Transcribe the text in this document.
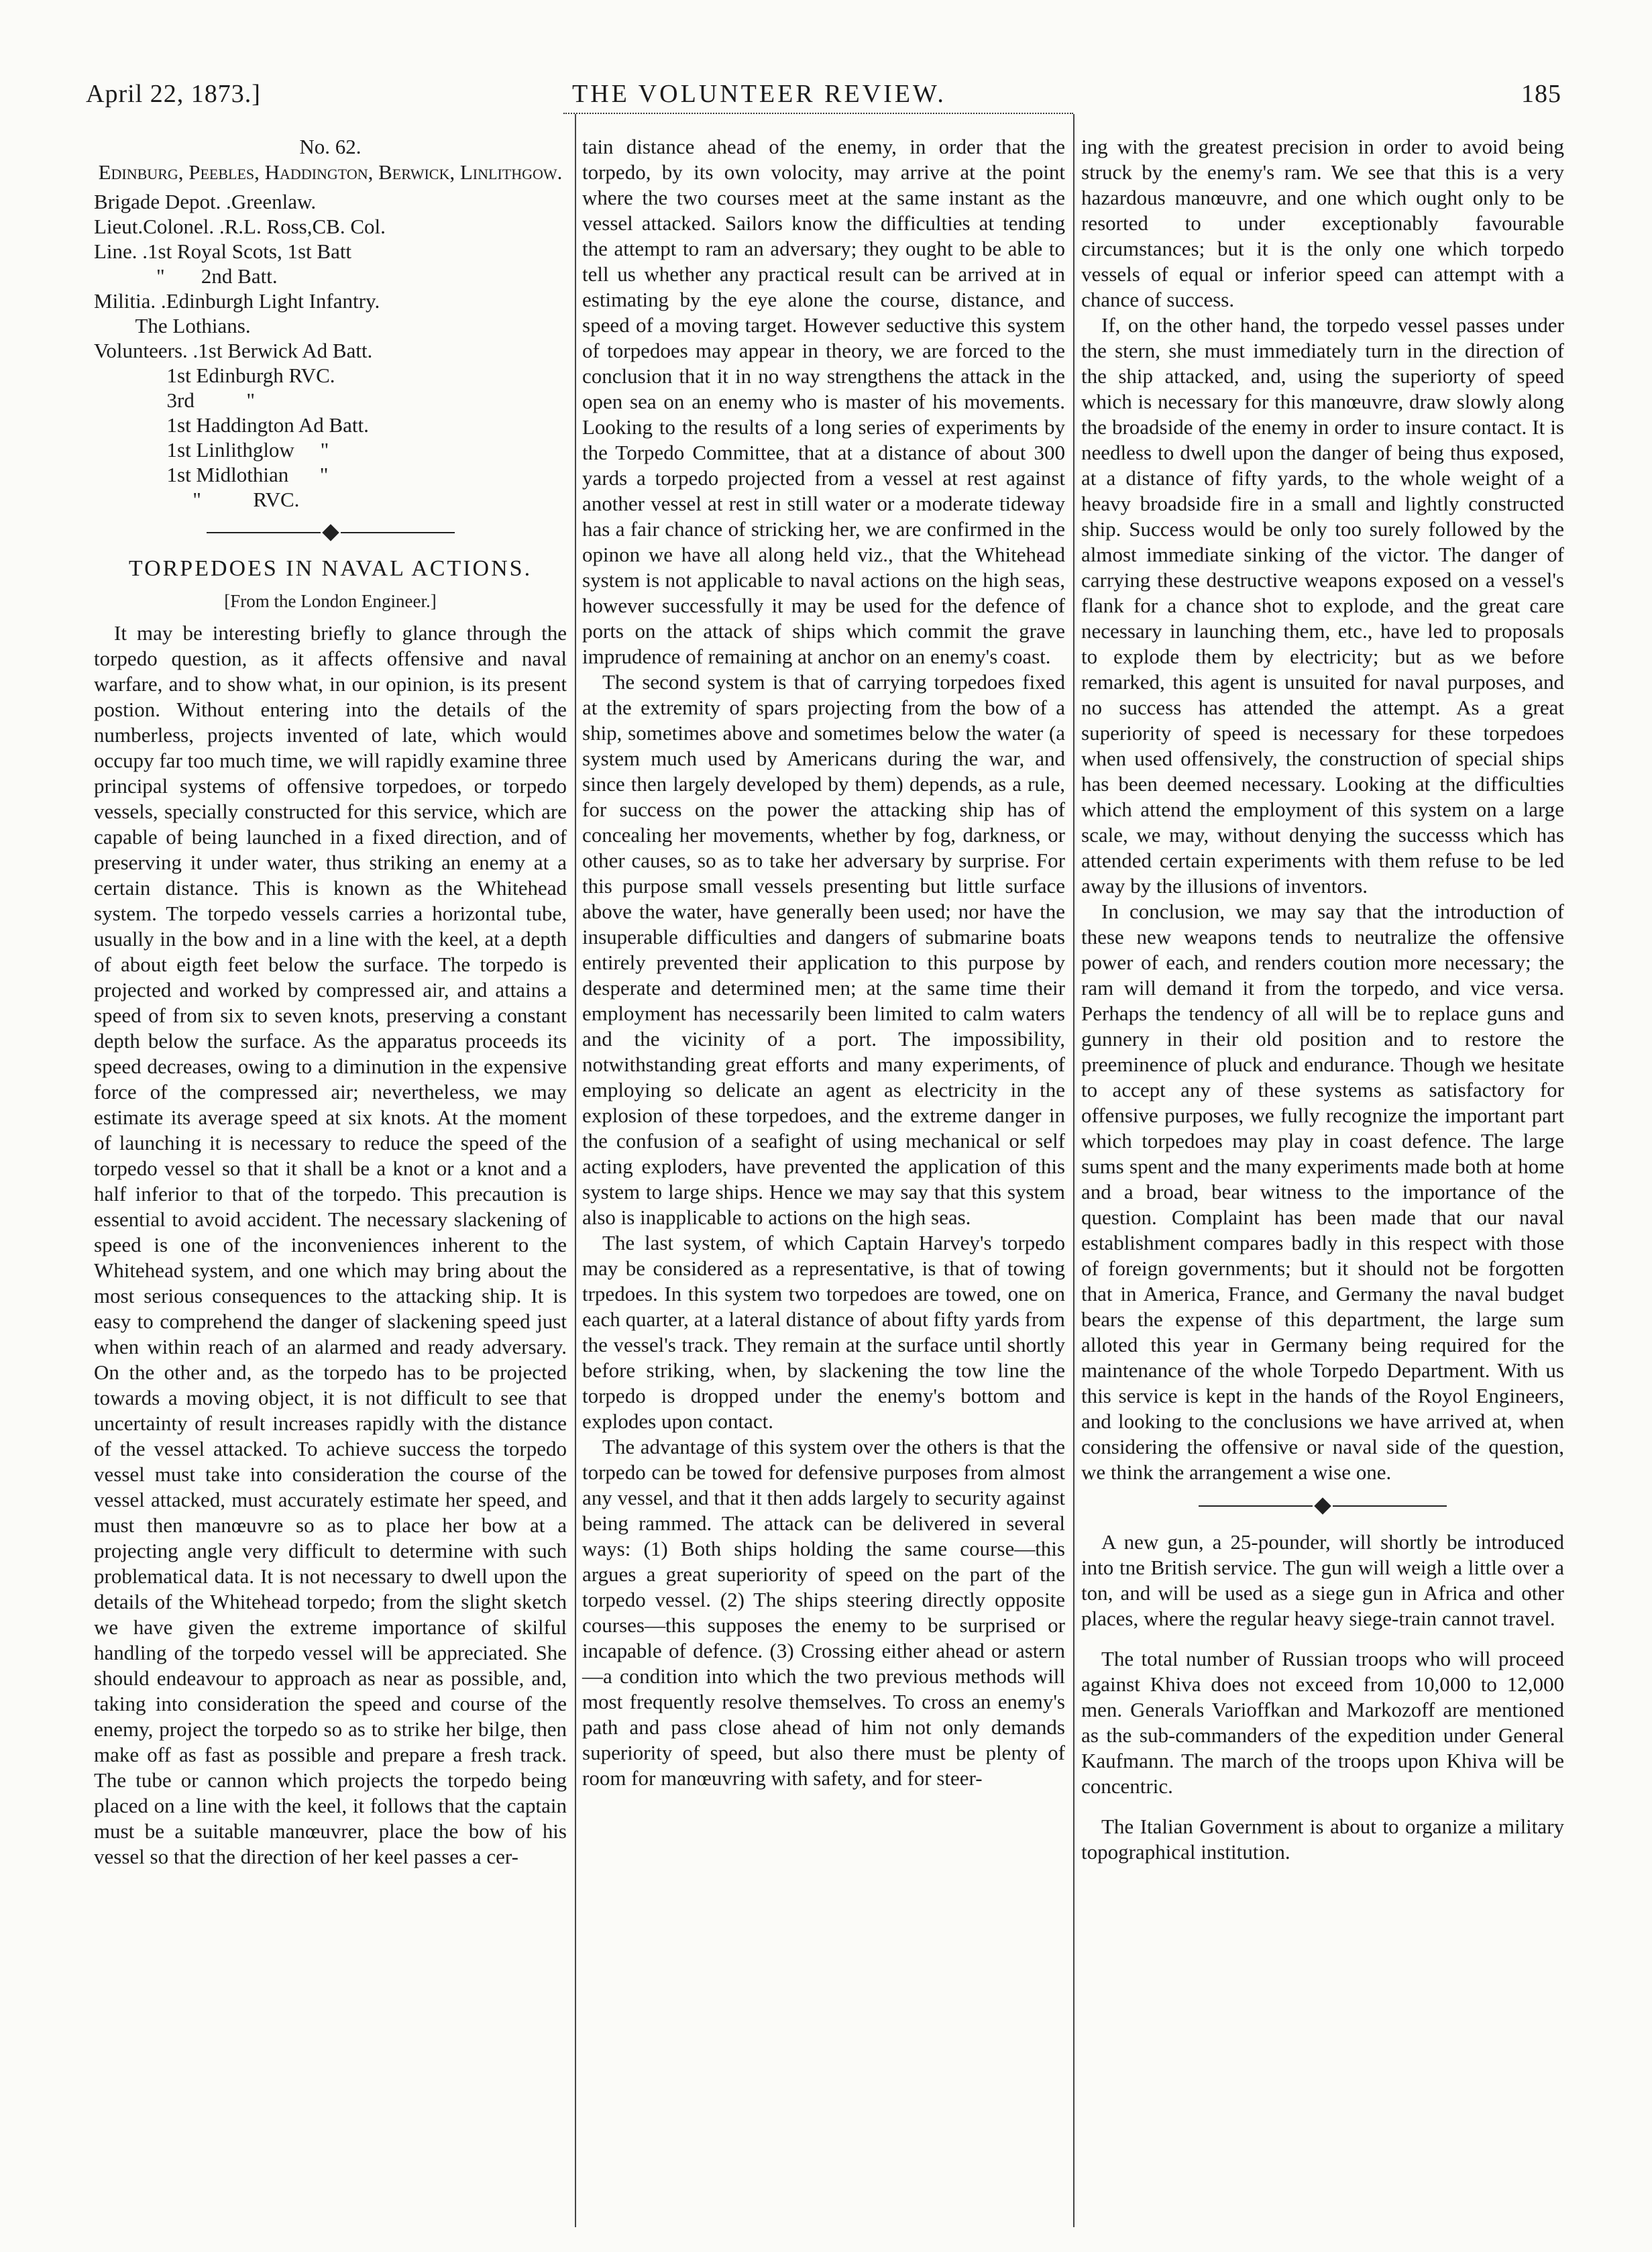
April 22, 1873.]	THE VOLUNTEER REVIEW.	185

No. 62.

Edinburg, Peebles, Haddington, Berwick, Linlithgow.

Brigade Depot. .Greenlaw.

Lieut.Colonel. .R.L. Ross,CB. Col.

Line. .1st Royal Scots, 1st Batt

"       2nd Batt.

Militia. .Edinburgh Light Infantry.

The Lothians.

Volunteers. .1st Berwick Ad Batt.

1st Edinburgh RVC.

3rd          "

1st Haddington Ad Batt.

1st Linlithglow     "

1st Midlothian      "

"          RVC.

TORPEDOES IN NAVAL ACTIONS.

[From the London Engineer.]

It may be interesting briefly to glance through the torpedo question, as it affects offensive and naval warfare, and to show what, in our opinion, is its present postion. Without entering into the details of the numberless, projects invented of late, which would occupy far too much time, we will rapidly examine three principal systems of offensive torpedoes, or torpedo vessels, specially constructed for this service, which are capable of being launched in a fixed direction, and of preserving it under water, thus striking an enemy at a certain distance. This is known as the Whitehead system. The torpedo vessels carries a horizontal tube, usually in the bow and in a line with the keel, at a depth of about eigth feet below the surface. The torpedo is projected and worked by compressed air, and attains a speed of from six to seven knots, preserving a constant depth below the surface. As the apparatus proceeds its speed decreases, owing to a diminution in the expensive force of the compressed air; nevertheless, we may estimate its average speed at six knots. At the moment of launching it is necessary to reduce the speed of the torpedo vessel so that it shall be a knot or a knot and a half inferior to that of the torpedo. This precaution is essential to avoid accident. The necessary slackening of speed is one of the inconveniences inherent to the Whitehead system, and one which may bring about the most serious consequences to the attacking ship. It is easy to comprehend the danger of slackening speed just when within reach of an alarmed and ready adversary. On the other and, as the torpedo has to be projected towards a moving object, it is not difficult to see that uncertainty of result increases rapidly with the distance of the vessel attacked. To achieve success the torpedo vessel must take into consideration the course of the vessel attacked, must accurately estimate her speed, and must then manœuvre so as to place her bow at a projecting angle very difficult to determine with such problematical data. It is not necessary to dwell upon the details of the Whitehead torpedo; from the slight sketch we have given the extreme importance of skilful handling of the torpedo vessel will be appreciated. She should endeavour to approach as near as possible, and, taking into consideration the speed and course of the enemy, project the torpedo so as to strike her bilge, then make off as fast as possible and prepare a fresh track. The tube or cannon which projects the torpedo being placed on a line with the keel, it follows that the captain must be a suitable manœuvrer, place the bow of his vessel so that the direction of her keel passes a cer-

tain distance ahead of the enemy, in order that the torpedo, by its own volocity, may arrive at the point where the two courses meet at the same instant as the vessel attacked. Sailors know the difficulties at tending the attempt to ram an adversary; they ought to be able to tell us whether any practical result can be arrived at in estimating by the eye alone the course, distance, and speed of a moving target. However seductive this system of torpedoes may appear in theory, we are forced to the conclusion that it in no way strengthens the attack in the open sea on an enemy who is master of his movements. Looking to the results of a long series of experiments by the Torpedo Committee, that at a distance of about 300 yards a torpedo projected from a vessel at rest against another vessel at rest in still water or a moderate tideway has a fair chance of stricking her, we are confirmed in the opinon we have all along held viz., that the Whitehead system is not applicable to naval actions on the high seas, however successfully it may be used for the defence of ports on the attack of ships which commit the grave imprudence of remaining at anchor on an enemy's coast.

The second system is that of carrying torpedoes fixed at the extremity of spars projecting from the bow of a ship, sometimes above and sometimes below the water (a system much used by Americans during the war, and since then largely developed by them) depends, as a rule, for success on the power the attacking ship has of concealing her movements, whether by fog, darkness, or other causes, so as to take her adversary by surprise. For this purpose small vessels presenting but little surface above the water, have generally been used; nor have the insuperable difficulties and dangers of submarine boats entirely prevented their application to this purpose by desperate and determined men; at the same time their employment has necessarily been limited to calm waters and the vicinity of a port. The impossibility, notwithstanding great efforts and many experiments, of employing so delicate an agent as electricity in the explosion of these torpedoes, and the extreme danger in the confusion of a seafight of using mechanical or self acting exploders, have prevented the application of this system to large ships. Hence we may say that this system also is inapplicable to actions on the high seas.

The last system, of which Captain Harvey's torpedo may be considered as a representative, is that of towing trpedoes. In this system two torpedoes are towed, one on each quarter, at a lateral distance of about fifty yards from the vessel's track. They remain at the surface until shortly before striking, when, by slackening the tow line the torpedo is dropped under the enemy's bottom and explodes upon contact.

The advantage of this system over the others is that the torpedo can be towed for defensive purposes from almost any vessel, and that it then adds largely to security against being rammed. The attack can be delivered in several ways: (1) Both ships holding the same course—this argues a great superiority of speed on the part of the torpedo vessel. (2) The ships steering directly opposite courses—this supposes the enemy to be surprised or incapable of defence. (3) Crossing either ahead or astern—a condition into which the two previous methods will most frequently resolve themselves. To cross an enemy's path and pass close ahead of him not only demands superiority of speed, but also there must be plenty of room for manœuvring with safety, and for steer-

ing with the greatest precision in order to avoid being struck by the enemy's ram. We see that this is a very hazardous manœuvre, and one which ought only to be resorted to under exceptionably favourable circumstances; but it is the only one which torpedo vessels of equal or inferior speed can attempt with a chance of success.

If, on the other hand, the torpedo vessel passes under the stern, she must immediately turn in the direction of the ship attacked, and, using the superiorty of speed which is necessary for this manœuvre, draw slowly along the broadside of the enemy in order to insure contact. It is needless to dwell upon the danger of being thus exposed, at a distance of fifty yards, to the whole weight of a heavy broadside fire in a small and lightly constructed ship. Success would be only too surely followed by the almost immediate sinking of the victor. The danger of carrying these destructive weapons exposed on a vessel's flank for a chance shot to explode, and the great care necessary in launching them, etc., have led to proposals to explode them by electricity; but as we before remarked, this agent is unsuited for naval purposes, and no success has attended the attempt. As a great superiority of speed is necessary for these torpedoes when used offensively, the construction of special ships has been deemed necessary. Looking at the difficulties which attend the employment of this system on a large scale, we may, without denying the successs which has attended certain experiments with them refuse to be led away by the illusions of inventors.

In conclusion, we may say that the introduction of these new weapons tends to neutralize the offensive power of each, and renders coution more necessary; the ram will demand it from the torpedo, and vice versa. Perhaps the tendency of all will be to replace guns and gunnery in their old position and to restore the preeminence of pluck and endurance. Though we hesitate to accept any of these systems as satisfactory for offensive purposes, we fully recognize the important part which torpedoes may play in coast defence. The large sums spent and the many experiments made both at home and a broad, bear witness to the importance of the question. Complaint has been made that our naval establishment compares badly in this respect with those of foreign governments; but it should not be forgotten that in America, France, and Germany the naval budget bears the expense of this department, the large sum alloted this year in Germany being required for the maintenance of the whole Torpedo Department. With us this service is kept in the hands of the Royol Engineers, and looking to the conclusions we have arrived at, when considering the offensive or naval side of the question, we think the arrangement a wise one.

A new gun, a 25-pounder, will shortly be introduced into tne British service. The gun will weigh a little over a ton, and will be used as a siege gun in Africa and other places, where the regular heavy siege-train cannot travel.

The total number of Russian troops who will proceed against Khiva does not exceed from 10,000 to 12,000 men. Generals Varioffkan and Markozoff are mentioned as the sub-commanders of the expedition under General Kaufmann. The march of the troops upon Khiva will be concentric.

The Italian Government is about to organize a military topographical institution.
